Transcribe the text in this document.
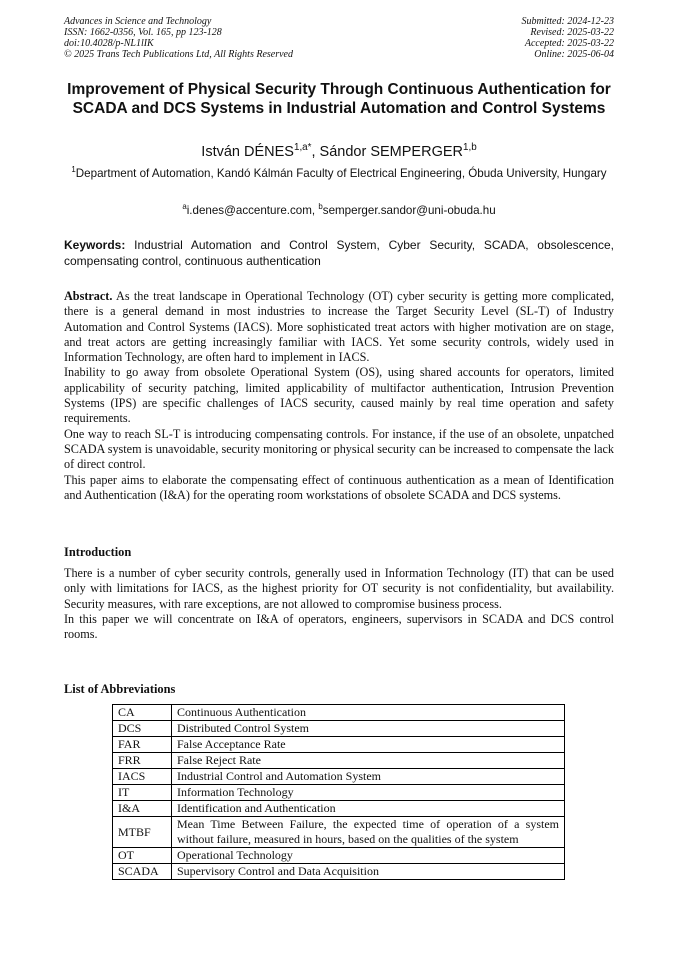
Advances in Science and Technology
ISSN: 1662-0356, Vol. 165, pp 123-128
doi:10.4028/p-NL1lIK
© 2025 Trans Tech Publications Ltd, All Rights Reserved
Submitted: 2024-12-23
Revised: 2025-03-22
Accepted: 2025-03-22
Online: 2025-06-04
Improvement of Physical Security Through Continuous Authentication for SCADA and DCS Systems in Industrial Automation and Control Systems
István $DÉNES^{1,a*}$, Sándor SEMPERGER$^{1,b}$
$^1$Department of Automation, Kandó Kálmán Faculty of Electrical Engineering, Óbuda University, Hungary
$^a$i.denes@accenture.com, $^b$semperger.sandor@uni-obuda.hu
Keywords: Industrial Automation and Control System, Cyber Security, SCADA, obsolescence, compensating control, continuous authentication

Abstract. As the treat landscape in Operational Technology (OT) cyber security is getting more complicated, there is a general demand in most industries to increase the Target Security Level (SL-T) of Industry Automation and Control Systems (IACS). More sophisticated treat actors with higher motivation are on stage, and treat actors are getting increasingly familiar with IACS. Yet some security controls, widely used in Information Technology, are often hard to implement in IACS.

Inability to go away from obsolete Operational System (OS), using shared accounts for operators, limited applicability of security patching, limited applicability of multifactor authentication, Intrusion Prevention Systems (IPS) are specific challenges of IACS security, caused mainly by real time operation and safety requirements.

One way to reach SL-T is introducing compensating controls. For instance, if the use of an obsolete, unpatched SCADA system is unavoidable, security monitoring or physical security can be increased to compensate the lack of direct control.

This paper aims to elaborate the compensating effect of continuous authentication as a mean of Identification and Authentication (I&A) for the operating room workstations of obsolete SCADA and DCS systems.

Introduction

There is a number of cyber security controls, generally used in Information Technology (IT) that can be used only with limitations for IACS, as the highest priority for OT security is not confidentiality, but availability. Security measures, with rare exceptions, are not allowed to compromise business process.

In this paper we will concentrate on I&A of operators, engineers, supervisors in SCADA and DCS control rooms.

List of Abbreviations
CA	Continuous Authentication
DCS	Distributed Control System
FAR	False Acceptance Rate
FRR	False Reject Rate
IACS	Industrial Control and Automation System
IT	Information Technology
I&A	Identification and Authentication
MTBF	Mean Time Between Failure, the expected time of operation of a system without failure, measured in hours, based on the qualities of the system
OT	Operational Technology
SCADA	Supervisory Control and Data Acquisition
